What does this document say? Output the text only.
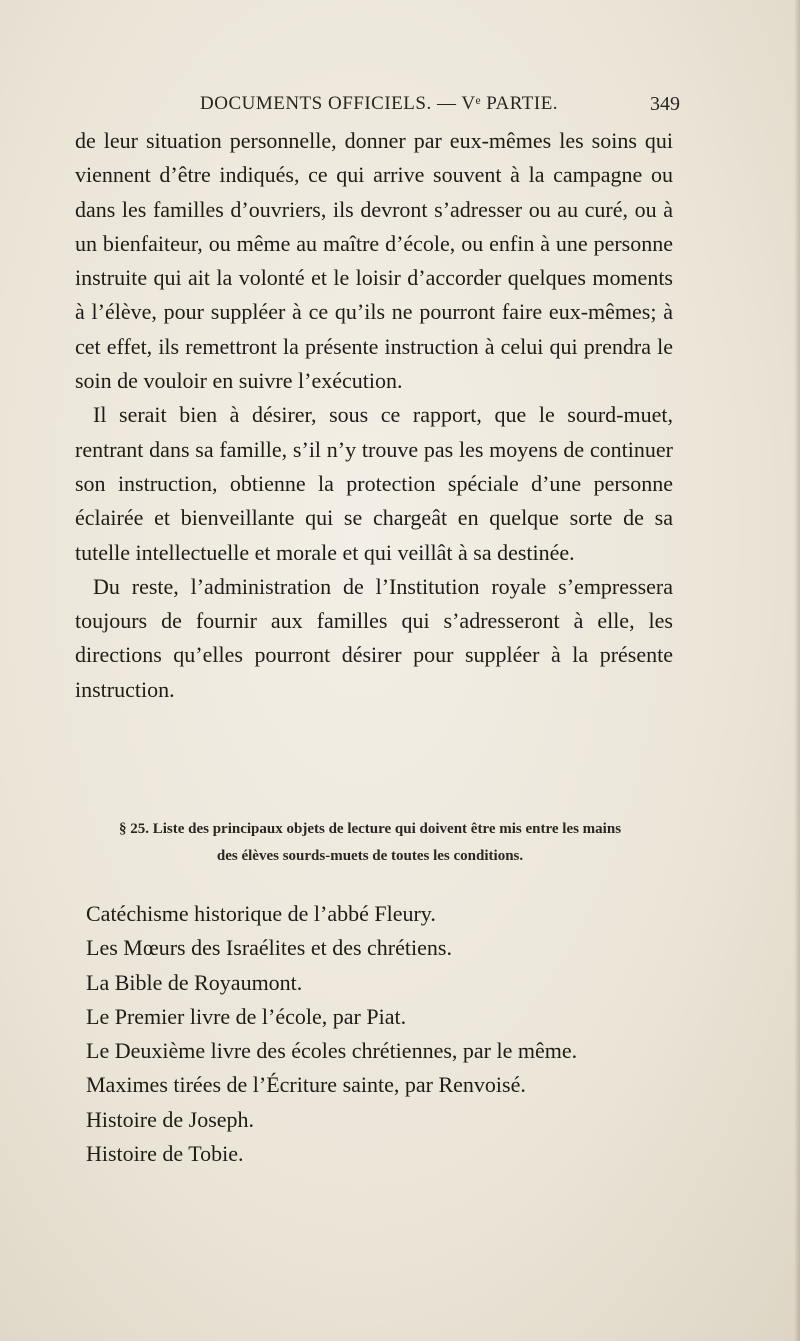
DOCUMENTS OFFICIELS. — Vᵉ PARTIE.	349

de leur situation personnelle, donner par eux-mêmes les soins qui viennent d’être indiqués, ce qui arrive souvent à la campagne ou dans les familles d’ouvriers, ils devront s’adresser ou au curé, ou à un bienfaiteur, ou même au maître d’école, ou enfin à une personne instruite qui ait la volonté et le loisir d’accorder quelques moments à l’élève, pour suppléer à ce qu’ils ne pourront faire eux-mêmes; à cet effet, ils remettront la présente instruction à celui qui prendra le soin de vouloir en suivre l’exécution.

Il serait bien à désirer, sous ce rapport, que le sourd-muet, rentrant dans sa famille, s’il n’y trouve pas les moyens de continuer son instruction, obtienne la protection spéciale d’une personne éclairée et bienveillante qui se chargeât en quelque sorte de sa tutelle intellectuelle et morale et qui veillât à sa destinée.

Du reste, l’administration de l’Institution royale s’empressera toujours de fournir aux familles qui s’adresseront à elle, les directions qu’elles pourront désirer pour suppléer à la présente instruction.

§ 25. Liste des principaux objets de lecture qui doivent être mis entre les mains
des élèves sourds-muets de toutes les conditions.
Catéchisme historique de l’abbé Fleury.
Les Mœurs des Israélites et des chrétiens.
La Bible de Royaumont.
Le Premier livre de l’école, par Piat.
Le Deuxième livre des écoles chrétiennes, par le même.
Maximes tirées de l’Écriture sainte, par Renvoisé.
Histoire de Joseph.
Histoire de Tobie.
